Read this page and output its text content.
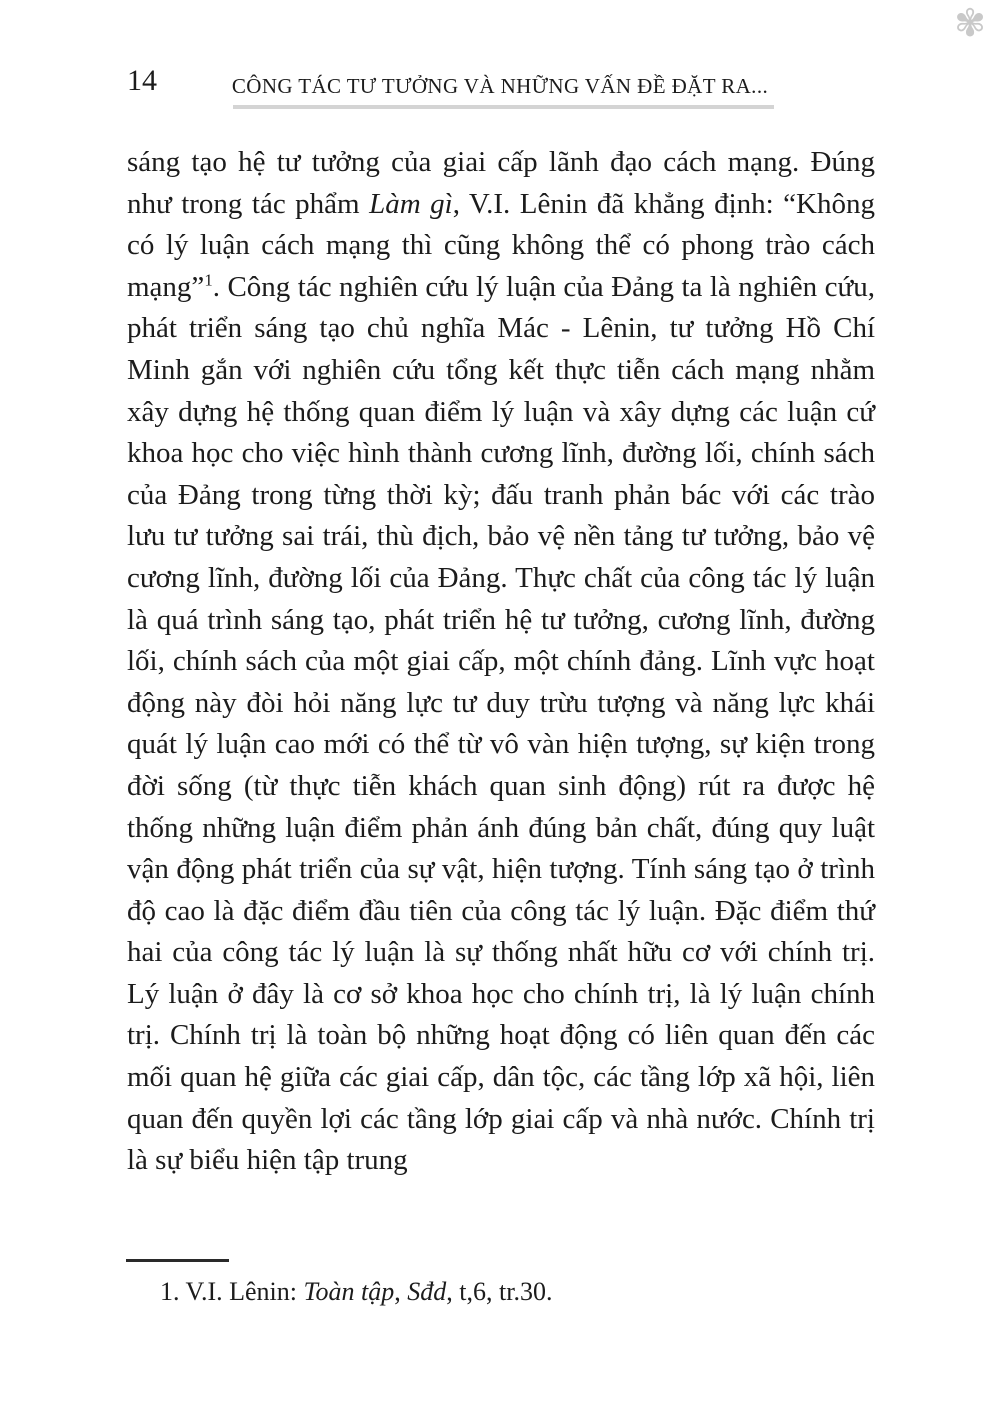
✾
14	CÔNG TÁC TƯ TƯỞNG VÀ NHỮNG VẤN ĐỀ ĐẶT RA...

sáng tạo hệ tư tưởng của giai cấp lãnh đạo cách mạng. Đúng như trong tác phẩm Làm gì, V.I. Lênin đã khẳng định: “Không có lý luận cách mạng thì cũng không thể có phong trào cách mạng”$^1$. Công tác nghiên cứu lý luận của Đảng ta là nghiên cứu, phát triển sáng tạo chủ nghĩa Mác - Lênin, tư tưởng Hồ Chí Minh gắn với nghiên cứu tổng kết thực tiễn cách mạng nhằm xây dựng hệ thống quan điểm lý luận và xây dựng các luận cứ khoa học cho việc hình thành cương lĩnh, đường lối, chính sách của Đảng trong từng thời kỳ; đấu tranh phản bác với các trào lưu tư tưởng sai trái, thù địch, bảo vệ nền tảng tư tưởng, bảo vệ cương lĩnh, đường lối của Đảng. Thực chất của công tác lý luận là quá trình sáng tạo, phát triển hệ tư tưởng, cương lĩnh, đường lối, chính sách của một giai cấp, một chính đảng. Lĩnh vực hoạt động này đòi hỏi năng lực tư duy trừu tượng và năng lực khái quát lý luận cao mới có thể từ vô vàn hiện tượng, sự kiện trong đời sống (từ thực tiễn khách quan sinh động) rút ra được hệ thống những luận điểm phản ánh đúng bản chất, đúng quy luật vận động phát triển của sự vật, hiện tượng. Tính sáng tạo ở trình độ cao là đặc điểm đầu tiên của công tác lý luận. Đặc điểm thứ hai của công tác lý luận là sự thống nhất hữu cơ với chính trị. Lý luận ở đây là cơ sở khoa học cho chính trị, là lý luận chính trị. Chính trị là toàn bộ những hoạt động có liên quan đến các mối quan hệ giữa các giai cấp, dân tộc, các tầng lớp xã hội, liên quan đến quyền lợi các tầng lớp giai cấp và nhà nước. Chính trị là sự biểu hiện tập trung

1. V.I. Lênin: Toàn tập, Sđd, t,6, tr.30.
